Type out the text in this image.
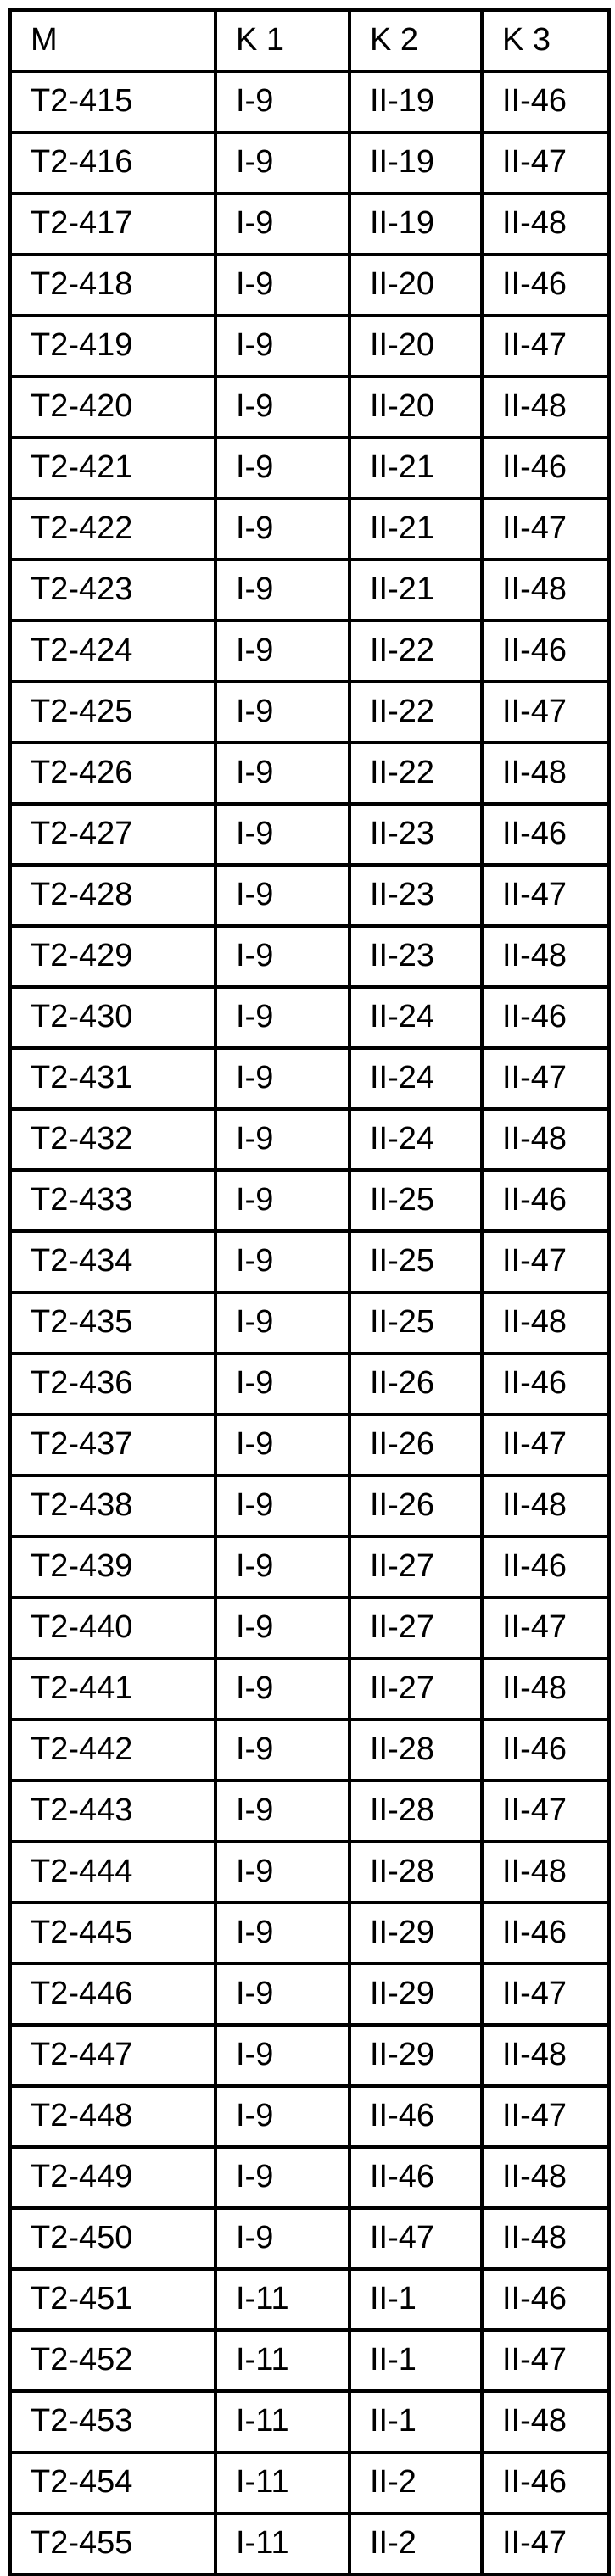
M	K 1	K 2	K 3
T2-415	I-9	II-19	II-46
T2-416	I-9	II-19	II-47
T2-417	I-9	II-19	II-48
T2-418	I-9	II-20	II-46
T2-419	I-9	II-20	II-47
T2-420	I-9	II-20	II-48
T2-421	I-9	II-21	II-46
T2-422	I-9	II-21	II-47
T2-423	I-9	II-21	II-48
T2-424	I-9	II-22	II-46
T2-425	I-9	II-22	II-47
T2-426	I-9	II-22	II-48
T2-427	I-9	II-23	II-46
T2-428	I-9	II-23	II-47
T2-429	I-9	II-23	II-48
T2-430	I-9	II-24	II-46
T2-431	I-9	II-24	II-47
T2-432	I-9	II-24	II-48
T2-433	I-9	II-25	II-46
T2-434	I-9	II-25	II-47
T2-435	I-9	II-25	II-48
T2-436	I-9	II-26	II-46
T2-437	I-9	II-26	II-47
T2-438	I-9	II-26	II-48
T2-439	I-9	II-27	II-46
T2-440	I-9	II-27	II-47
T2-441	I-9	II-27	II-48
T2-442	I-9	II-28	II-46
T2-443	I-9	II-28	II-47
T2-444	I-9	II-28	II-48
T2-445	I-9	II-29	II-46
T2-446	I-9	II-29	II-47
T2-447	I-9	II-29	II-48
T2-448	I-9	II-46	II-47
T2-449	I-9	II-46	II-48
T2-450	I-9	II-47	II-48
T2-451	I-11	II-1	II-46
T2-452	I-11	II-1	II-47
T2-453	I-11	II-1	II-48
T2-454	I-11	II-2	II-46
T2-455	I-11	II-2	II-47
